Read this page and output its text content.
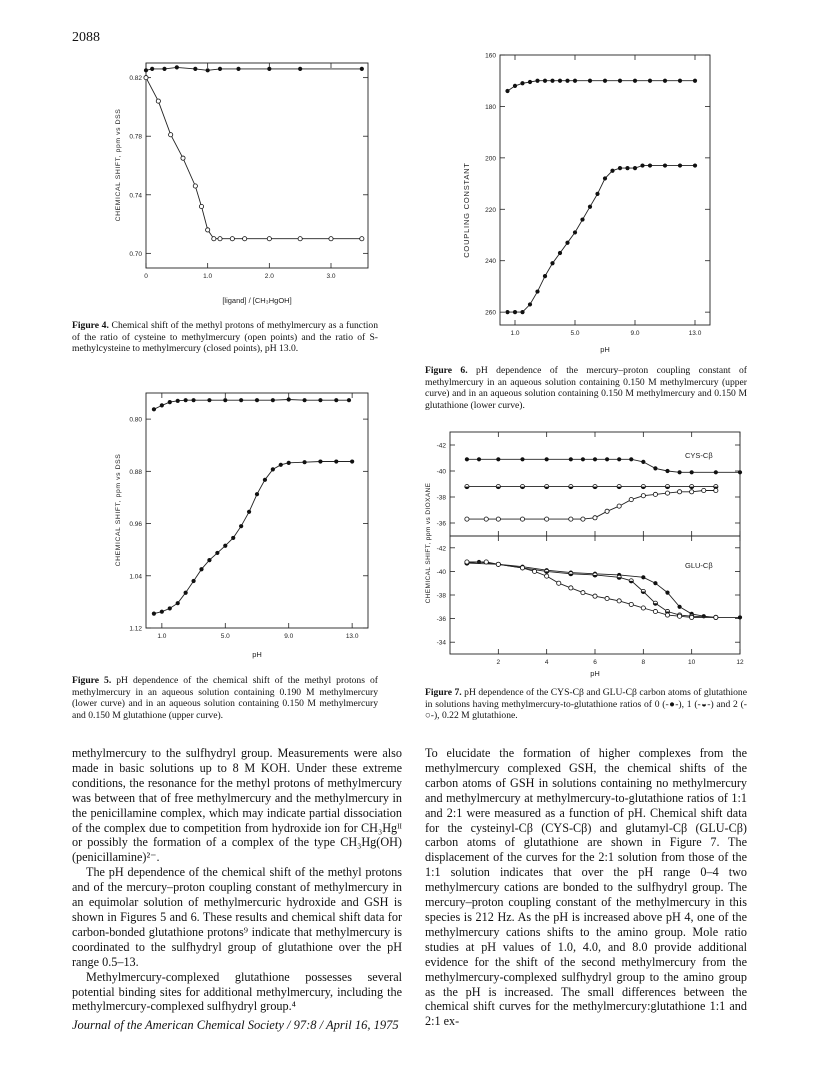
2088
0.70
0.74
0.78
0.82
0	1.0	2.0	3.0
[ligand] / [CH₃HgOH]
CHEMICAL SHIFT, ppm vs DSS
Figure 4. Chemical shift of the methyl protons of methylmercury as a function of the ratio of cysteine to methylmercury (open points) and the ratio of S-methylcysteine to methylmercury (closed points), pH 13.0.
0.80
0.88
0.96
1.04
1.12
1.0	5.0	9.0	13.0
pH
CHEMICAL SHIFT, ppm vs DSS
Figure 5. pH dependence of the chemical shift of the methyl protons of methylmercury in an aqueous solution containing 0.190 M methylmercury (lower curve) and in an aqueous solution containing 0.150 M methylmercury and 0.150 M glutathione (upper curve).
160
180
200
220
240
260
1.0	5.0	9.0	13.0
pH
COUPLING CONSTANT
Figure 6. pH dependence of the mercury–proton coupling constant of methylmercury in an aqueous solution containing 0.150 M methylmercury (upper curve) and in an aqueous solution containing 0.150 M methylmercury and 0.150 M glutathione (lower curve).
-42
-40
-38
-36
-42
-40
-38
-36
-34
2	4	6	8	10	12
CYS-Cβ
GLU-Cβ
pH
CHEMICAL SHIFT, ppm vs DIOXANE
Figure 7. pH dependence of the CYS-Cβ and GLU-Cβ carbon atoms of glutathione in solutions having methylmercury-to-glutathione ratios of 0 (-●-), 1 (-◒-) and 2 (-○-), 0.22 M glutathione.

methylmercury to the sulfhydryl group. Measurements were also made in basic solutions up to 8 M KOH. Under these extreme conditions, the resonance for the methyl protons of methylmercury was between that of free methylmercury and the methylmercury in the penicillamine complex, which may indicate partial dissociation of the complex due to competition from hydroxide ion for CH₃Hgᴵᴵ or possibly the formation of a complex of the type CH₃Hg(OH)(penicillamine)²⁻.

The pH dependence of the chemical shift of the methyl protons and of the mercury–proton coupling constant of methylmercury in an equimolar solution of methylmercuric hydroxide and GSH is shown in Figures 5 and 6. These results and chemical shift data for carbon-bonded glutathione protons⁹ indicate that methylmercury is coordinated to the sulfhydryl group of glutathione over the pH range 0.5–13.

Methylmercury-complexed glutathione possesses several potential binding sites for additional methylmercury, including the methylmercury-complexed sulfhydryl group.⁴

To elucidate the formation of higher complexes from the methylmercury complexed GSH, the chemical shifts of the carbon atoms of GSH in solutions containing no methylmercury and methylmercury at methylmercury-to-glutathione ratios of 1:1 and 2:1 were measured as a function of pH. Chemical shift data for the cysteinyl-Cβ (CYS-Cβ) and glutamyl-Cβ (GLU-Cβ) carbon atoms of glutathione are shown in Figure 7. The displacement of the curves for the 2:1 solution from those of the 1:1 solution indicates that over the pH range 0–4 two methylmercury cations are bonded to the sulfhydryl group. The mercury–proton coupling constant of the methylmercury in this species is 212 Hz. As the pH is increased above pH 4, one of the methylmercury cations shifts to the amino group. Mole ratio studies at pH values of 1.0, 4.0, and 8.0 provide additional evidence for the shift of the second methylmercury from the methylmercury-complexed sulfhydryl group to the amino group as the pH is increased. The small differences between the chemical shift curves for the methylmercury:glutathione 1:1 and 2:1 ex-

Journal of the American Chemical Society / 97:8 / April 16, 1975
